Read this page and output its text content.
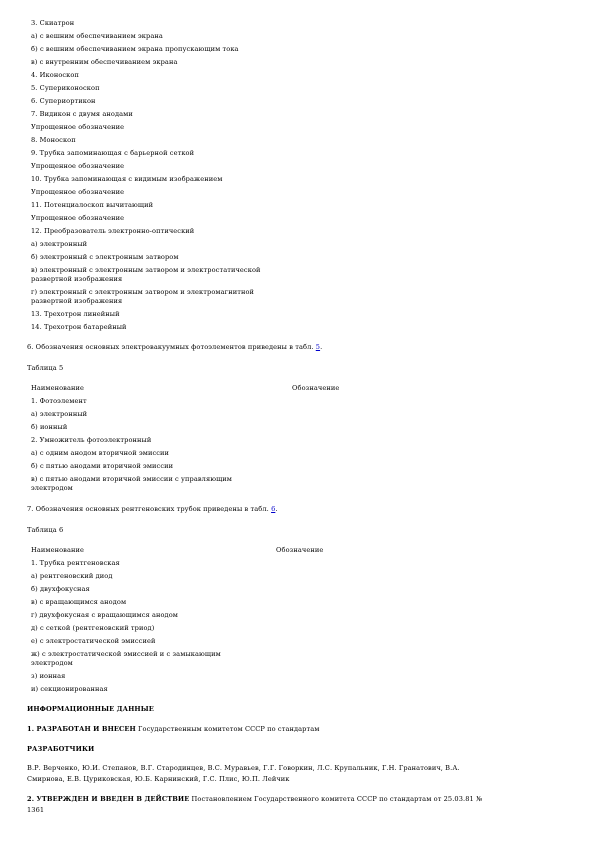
3. Скиатрон
а) с вешним обеспечиванием экрана
б) с вешним обеспечиванием экрана пропускающим тока
в) с внутренним обеспечиванием экрана
4. Иконоскоп
5. Супериконоскоп
6. Супериортикон
7. Видикон с двумя анодами
Упрощенное обозначение
8. Моноскоп
9. Трубка запоминающая с барьерной сеткой
Упрощенное обозначение
10. Трубка запоминающая с видимым изображением
Упрощенное обозначение
11. Потенциалоскоп вычитающий
Упрощенное обозначение
12. Преобразователь электронно-оптический
а) электронный
б) электронный с электронным затвором
в) электронный с электронным затвором и электростатической
развертной изображения
г) электронный с электронным затвором и электромагнитной
развертной изображения
13. Трехотрон линейный
14. Трехотрон батарейный
6. Обозначения основных электровакуумных фотоэлементов приведены в табл. 5.
Таблица 5
Наименование	Обозначение
1. Фотоэлемент
а) электронный
б) ионный
2. Умножитель фотоэлектронный
а) с одним анодом вторичной эмиссии
б) с пятью анодами вторичной эмиссии
в) с пятью анодами вторичной эмиссии с управляющим
электродом
7. Обозначения основных рентгеновских трубок приведены в табл. 6.
Таблица 6
Наименование	Обозначение
1. Трубка рентгеновская
а) рентгеновский диод
б) двухфокусная
в) с вращающимся анодом
г) двухфокусная с вращающимся анодом
д) с сеткой (рентгеновский триод)
е) с электростатической эмиссией
ж) с электростатической эмиссией и с замыкающим
электродом
з) ионная
и) секционированная
ИНФОРМАЦИОННЫЕ ДАННЫЕ
1. РАЗРАБОТАН И ВНЕСЕН Государственным комитетом СССР по стандартам
РАЗРАБОТЧИКИ
В.Р. Верченко, Ю.И. Степанов, В.Г. Стародинцев, В.С. Муравьев, Г.Г. Говоркин, Л.С. Крупальник, Г.Н. Гранатович, В.А.
Смирнова, Е.В. Цуриковская, Ю.Б. Карнинский, Г.С. Плис, Ю.П. Лейчик
2. УТВЕРЖДЕН И ВВЕДЕН В ДЕЙСТВИЕ Постановлением Государственного комитета СССР по стандартам от 25.03.81 №
1361
